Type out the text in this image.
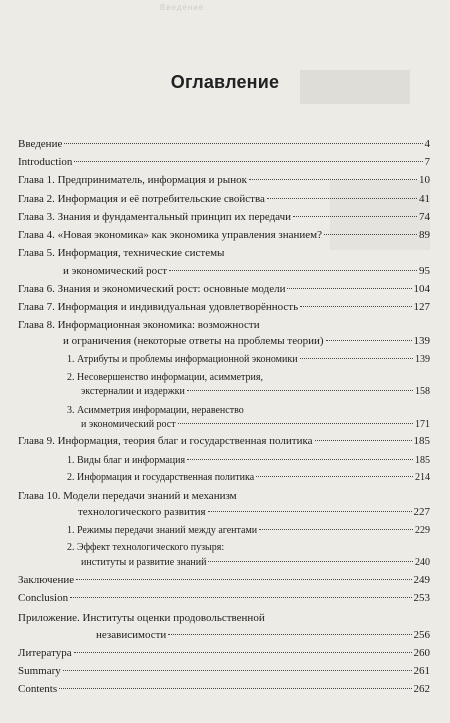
Введение
Оглавление
Введение	4
Introduction	7
Глава 1. Предприниматель, информация и рынок	10
Глава 2. Информация и её потребительские свойства	41
Глава 3. Знания и фундаментальный принцип их передачи	74
Глава 4. «Новая экономика» как экономика управления знанием?	89
Глава 5. Информация, технические системы
и экономический рост	95
Глава 6. Знания и экономический рост: основные модели	104
Глава 7. Информация и индивидуальная удовлетворённость	127
Глава 8. Информационная экономика: возможности
и ограничения (некоторые ответы на проблемы теории)	139
1. Атрибуты и проблемы информационной экономики	139
2. Несовершенство информации, асимметрия,
экстерналии и издержки	158
3. Асимметрия информации, неравенство
и экономический рост	171
Глава 9. Информация, теория благ и государственная политика	185
1. Виды благ и информация	185
2. Информация и государственная политика	214
Глава 10. Модели передачи знаний и механизм
технологического развития	227
1. Режимы передачи знаний между агентами	229
2. Эффект технологического пузыря:
институты и развитие знаний	240
Заключение	249
Conclusion	253
Приложение. Институты оценки продовольственной
независимости	256
Литература	260
Summary	261
Contents	262
